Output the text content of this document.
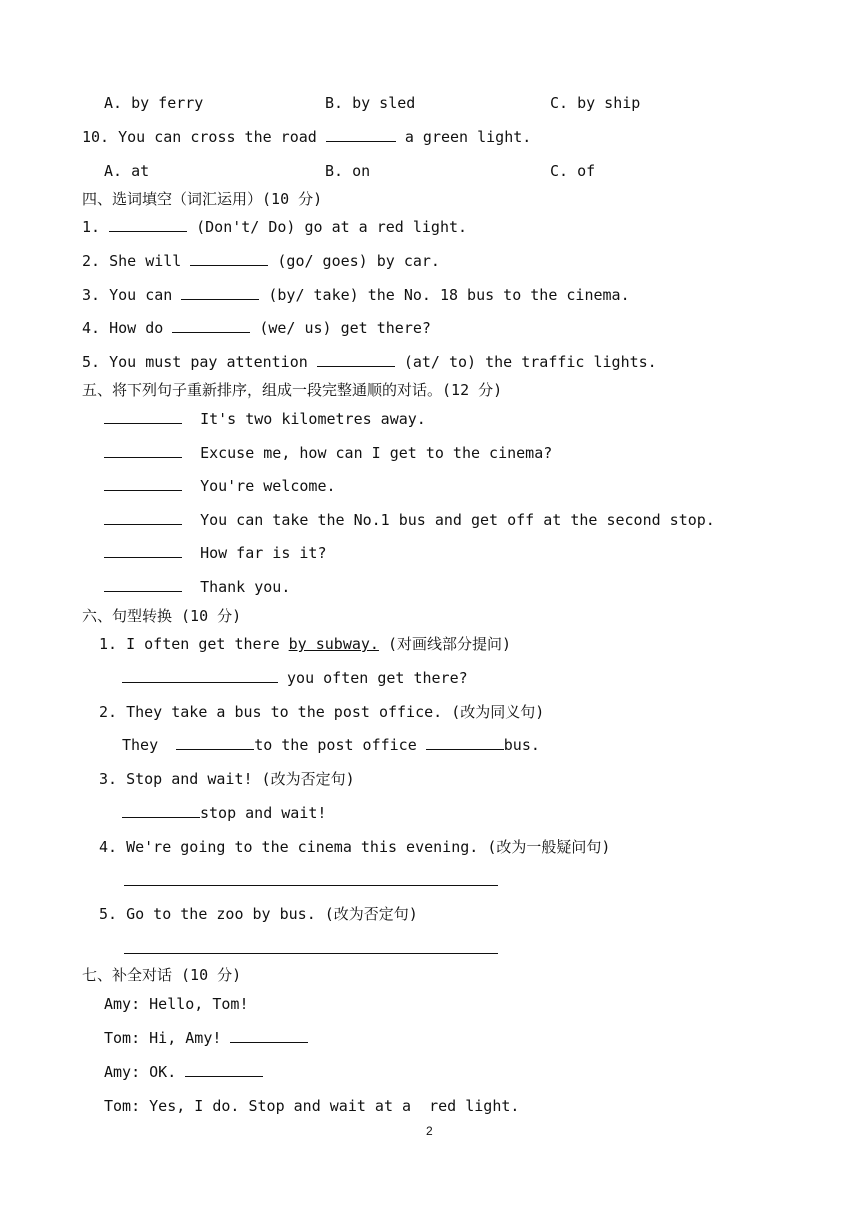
A. by ferry	B. by sled	C. by ship
10. You can cross the road	a green light.
A. at	B. on	C. of
四、选词填空（词汇运用）(10 分)
1.	(Don't/ Do) go at a red light.
2. She will	(go/ goes) by car.
3. You can	(by/ take) the No. 18 bus to the cinema.
4. How do	(we/ us) get there?
5. You must pay attention	(at/ to) the traffic lights.
五、将下列句子重新排序，组成一段完整通顺的对话。(12 分)
It's two kilometres away.
Excuse me, how can I get to the cinema?
You're welcome.
You can take the No.1 bus and get off at the second stop.
How far is it?
Thank you.
六、句型转换 (10 分)
1. I often get there by subway. (对画线部分提问)
you often get there?
2. They take a bus to the post office. (改为同义句)
They	to the post office	bus.
3. Stop and wait! (改为否定句)
stop and wait!
4. We're going to the cinema this evening. (改为一般疑问句)
5. Go to the zoo by bus. (改为否定句)
七、补全对话 (10 分)
Amy: Hello, Tom!
Tom: Hi, Amy!
Amy: OK.
Tom: Yes, I do. Stop and wait at a  red light.
2
